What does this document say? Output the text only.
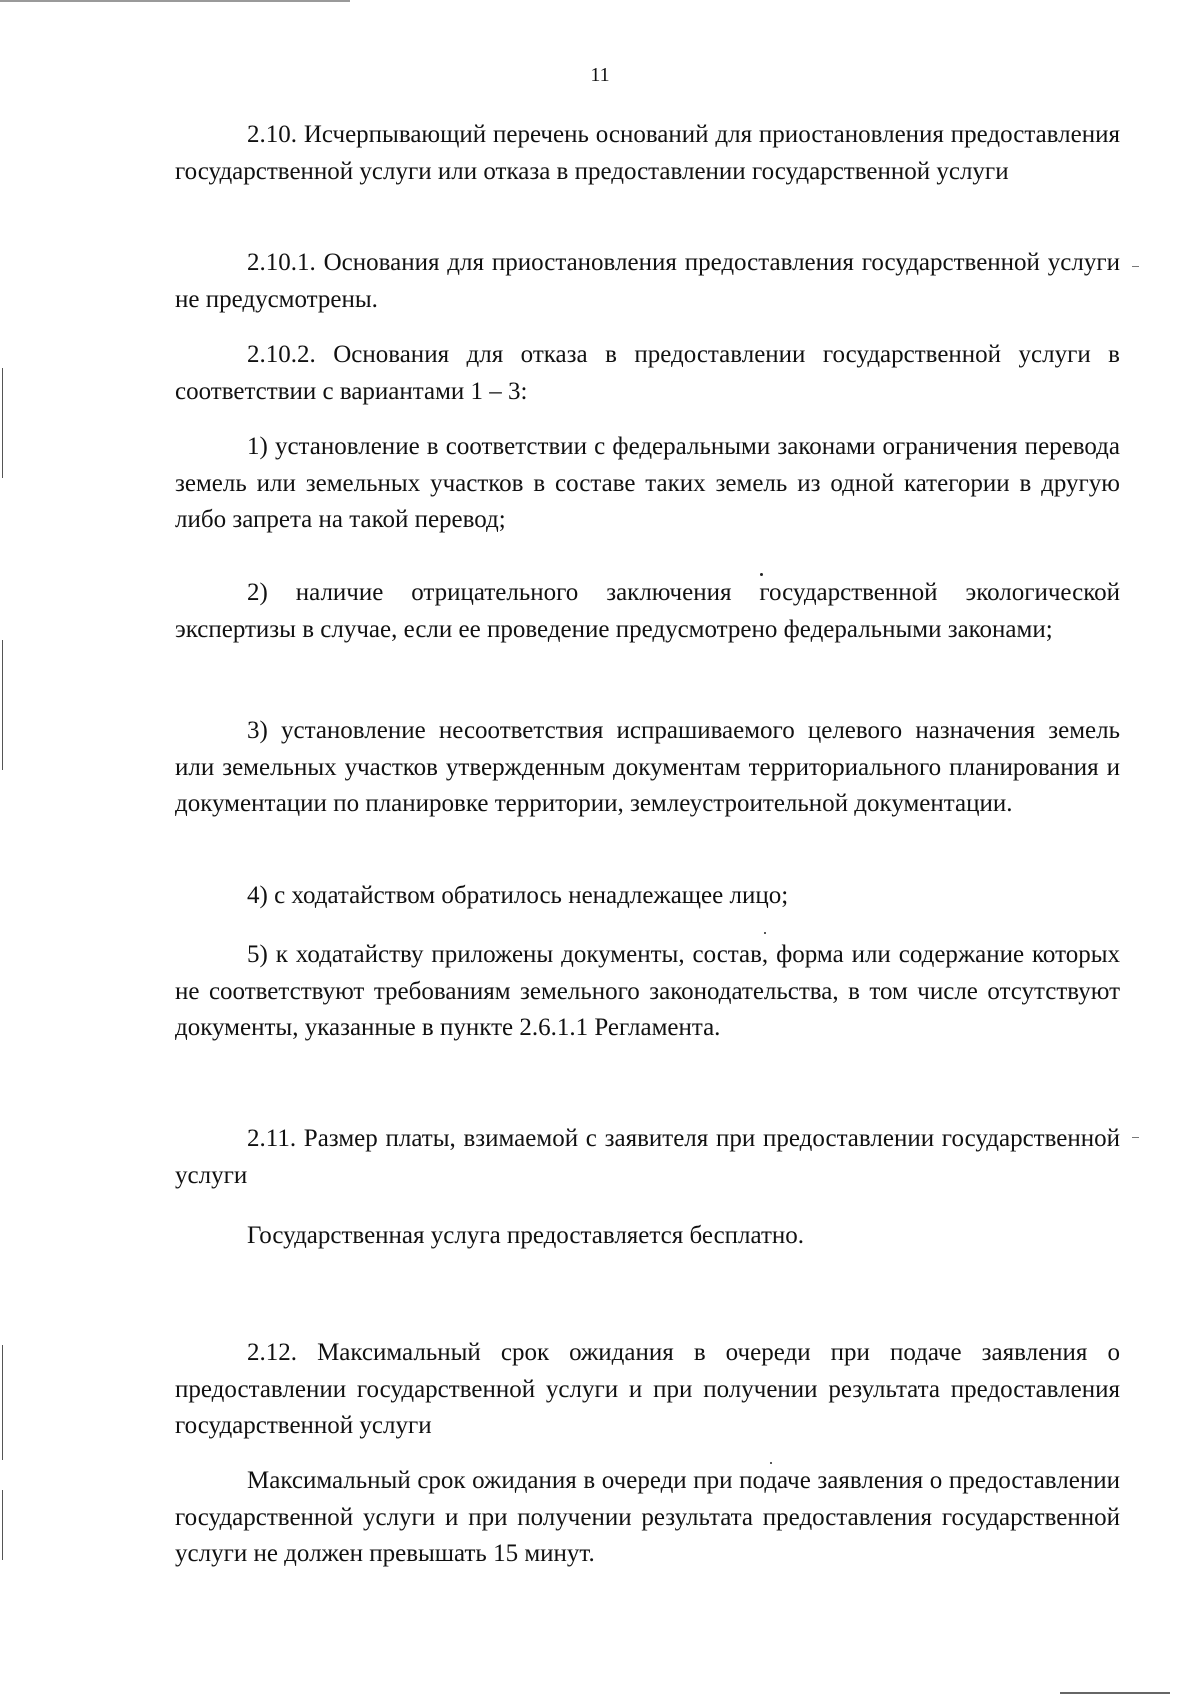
11

2.10. Исчерпывающий перечень оснований для приостановления предоставления государственной услуги или отказа в предоставлении государственной услуги

2.10.1. Основания для приостановления предоставления государственной услуги не предусмотрены.

2.10.2. Основания для отказа в предоставлении государственной услуги в соответствии с вариантами 1 – 3:

1) установление в соответствии с федеральными законами ограничения перевода земель или земельных участков в составе таких земель из одной категории в другую либо запрета на такой перевод;

2) наличие отрицательного заключения государственной экологической экспертизы в случае, если ее проведение предусмотрено федеральными законами;

3) установление несоответствия испрашиваемого целевого назначения земель или земельных участков утвержденным документам территориального планирования и документации по планировке территории, землеустроительной документации.

4) с ходатайством обратилось ненадлежащее лицо;

5) к ходатайству приложены документы, состав, форма или содержание которых не соответствуют требованиям земельного законодательства, в том числе отсутствуют документы, указанные в пункте 2.6.1.1 Регламента.

2.11. Размер платы, взимаемой с заявителя при предоставлении государственной услуги

Государственная услуга предоставляется бесплатно.

2.12. Максимальный срок ожидания в очереди при подаче заявления о предоставлении государственной услуги и при получении результата предоставления государственной услуги

Максимальный срок ожидания в очереди при подаче заявления о предоставлении государственной услуги и при получении результата предоставления государственной услуги не должен превышать 15 минут.
